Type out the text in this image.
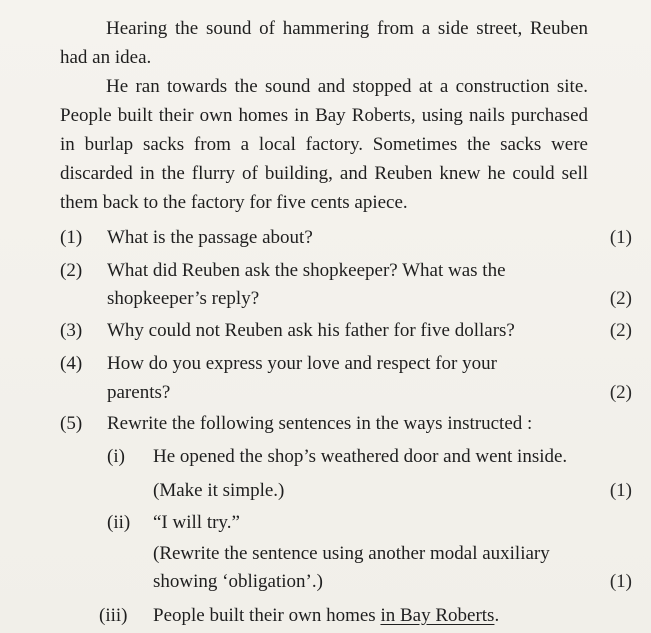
Hearing the sound of hammering from a side street, Reuben had an idea.

He ran towards the sound and stopped at a construction site. People built their own homes in Bay Roberts, using nails purchased in burlap sacks from a local factory. Sometimes the sacks were discarded in the flurry of building, and Reuben knew he could sell them back to the factory for five cents apiece.

(1) What is the passage about?	(1)
(2) What did Reuben ask the shopkeeper? What was the
shopkeeper’s reply?	(2)
(3) Why could not Reuben ask his father for five dollars?	(2)
(4) How do you express your love and respect for your
parents?	(2)
(5) Rewrite the following sentences in the ways instructed :
(i) He opened the shop’s weathered door and went inside.
(Make it simple.)	(1)
(ii) “I will try.”
(Rewrite the sentence using another modal auxiliary
showing ‘obligation’.)	(1)
(iii) People built their own homes in Bay Roberts.
